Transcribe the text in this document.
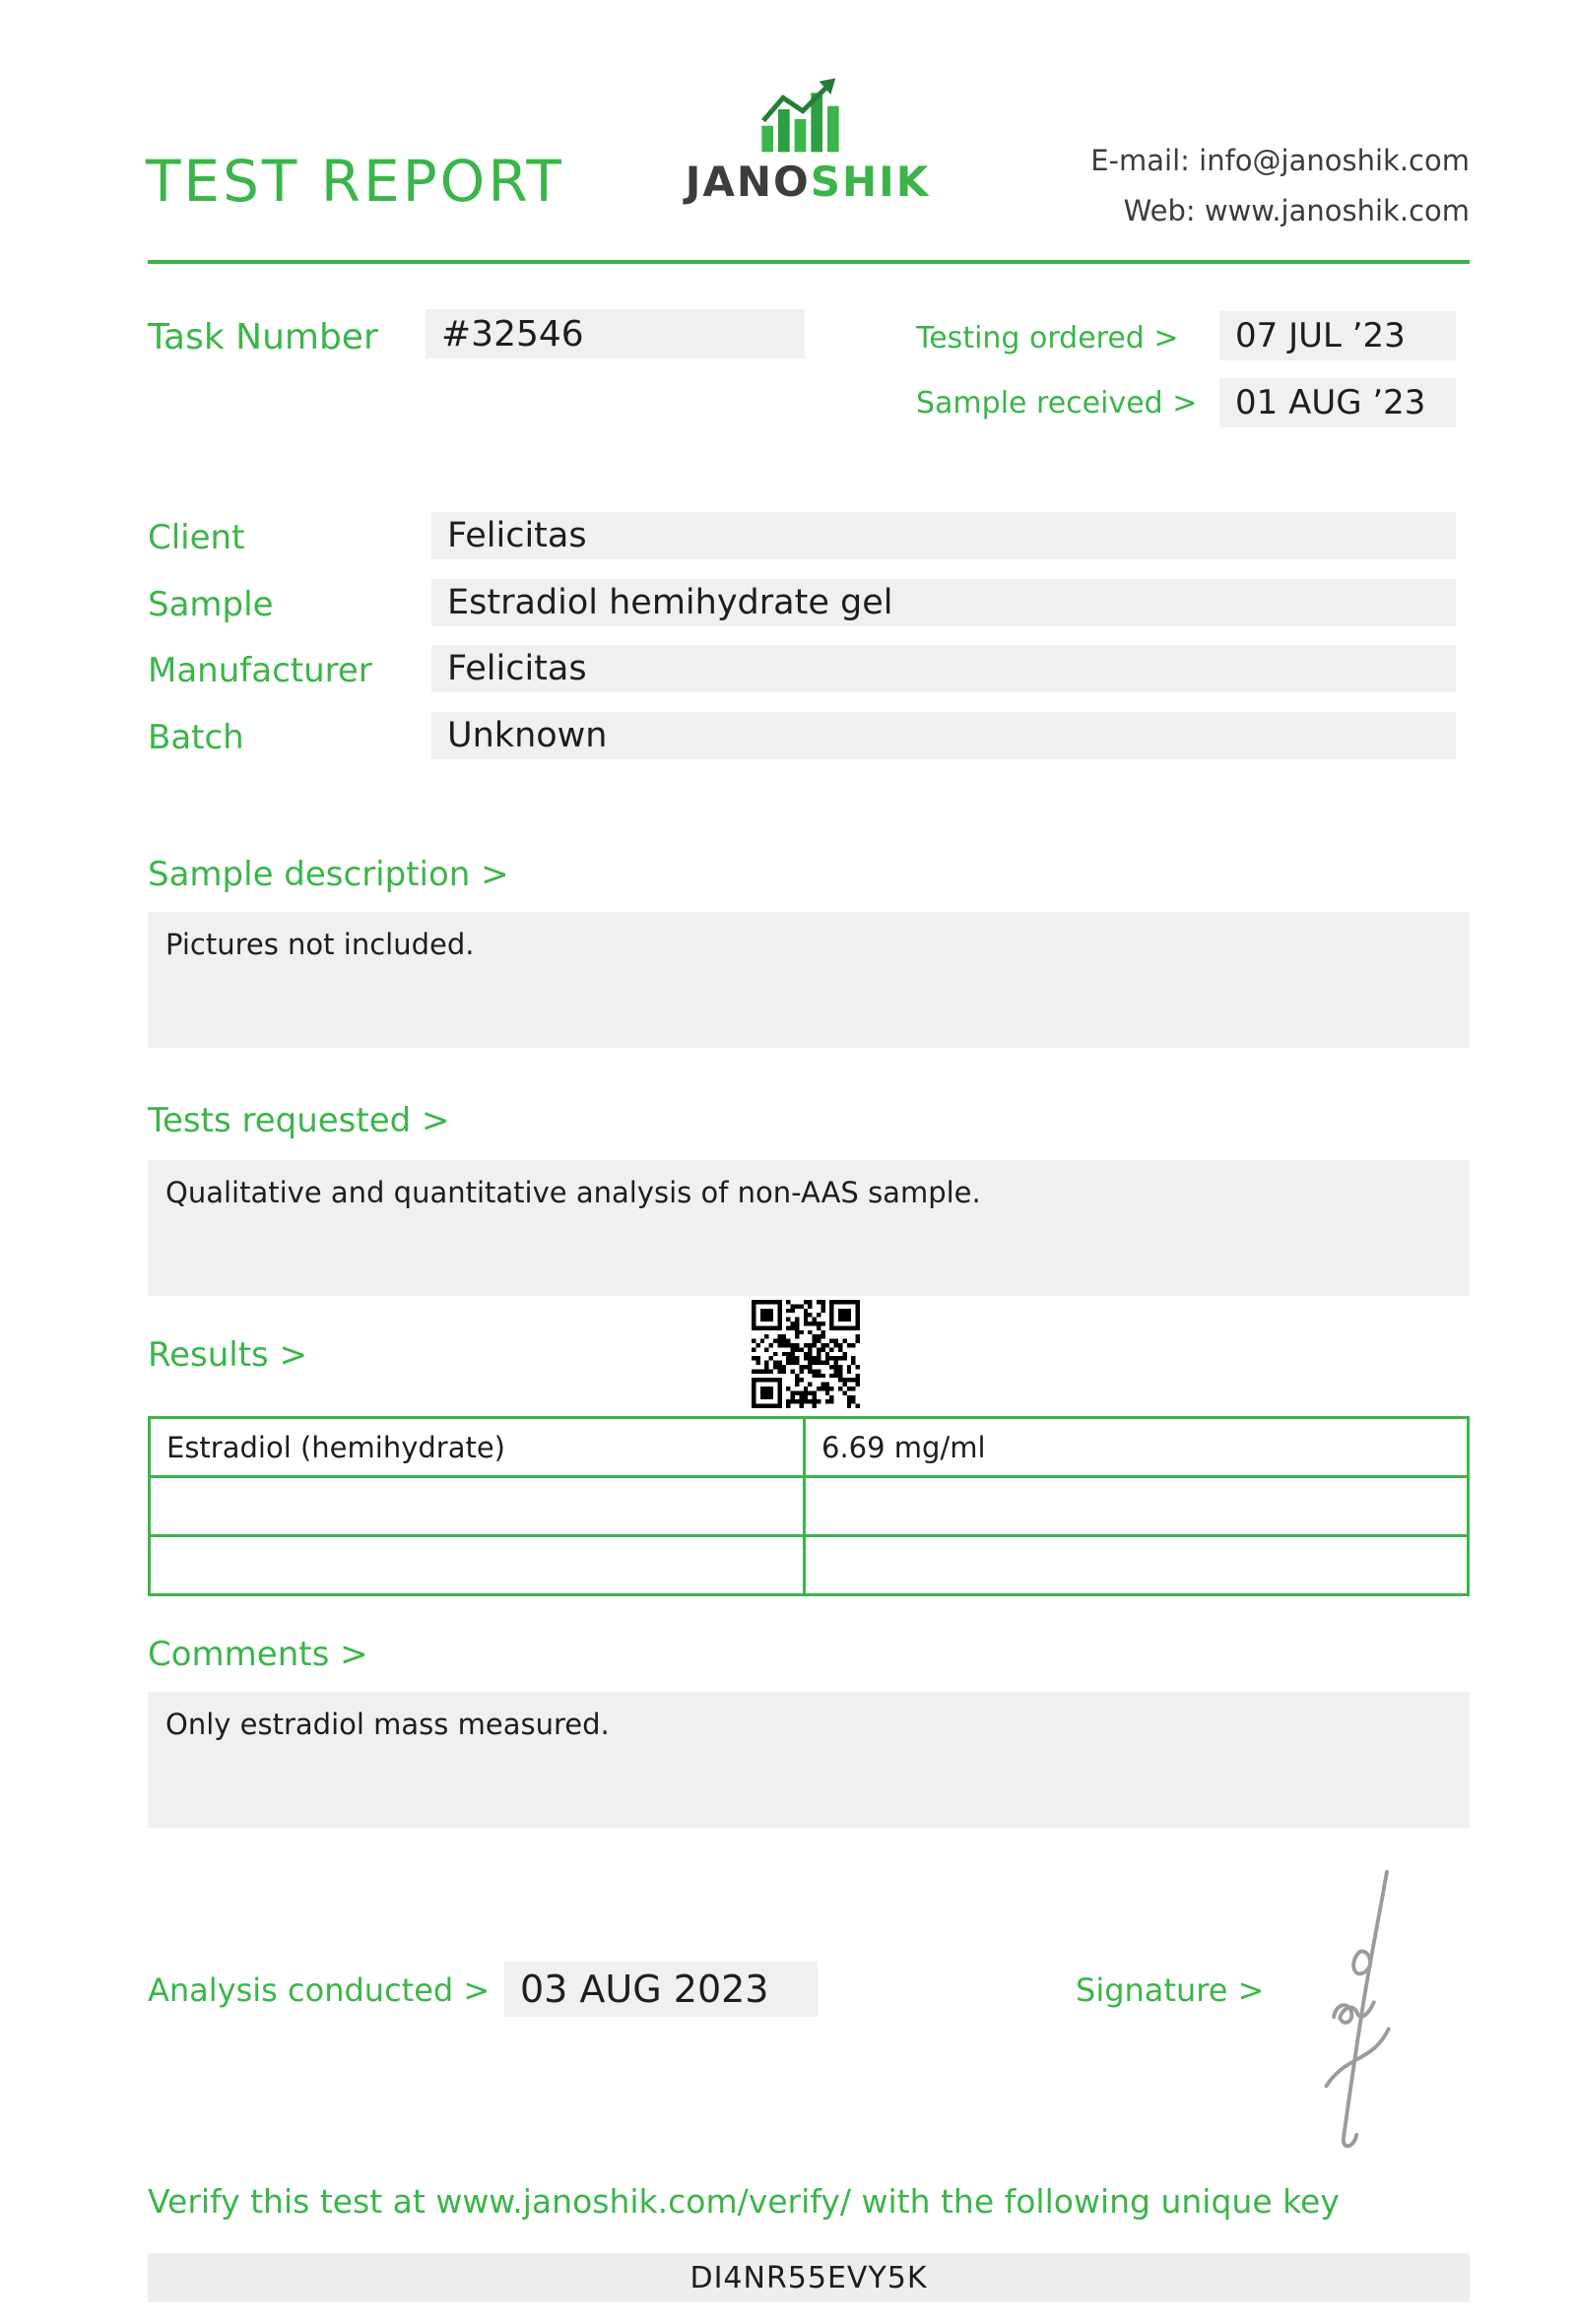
TEST REPORT	JANOSHIK	E-mail: info@janoshik.com
Web: www.janoshik.com
Task Number	#32546	Testing ordered >	07 JUL ’23
Sample received >	01 AUG ’23
Client	Felicitas
Sample	Estradiol hemihydrate gel
Manufacturer	Felicitas
Batch	Unknown
Sample description >
Pictures not included.
Tests requested >
Qualitative and quantitative analysis of non-AAS sample.
Results >
Estradiol (hemihydrate)	6.69 mg/ml

Comments >
Only estradiol mass measured.
Analysis conducted > 03 AUG 2023	Signature >
Verify this test at www.janoshik.com/verify/ with the following unique key
DI4NR55EVY5K
